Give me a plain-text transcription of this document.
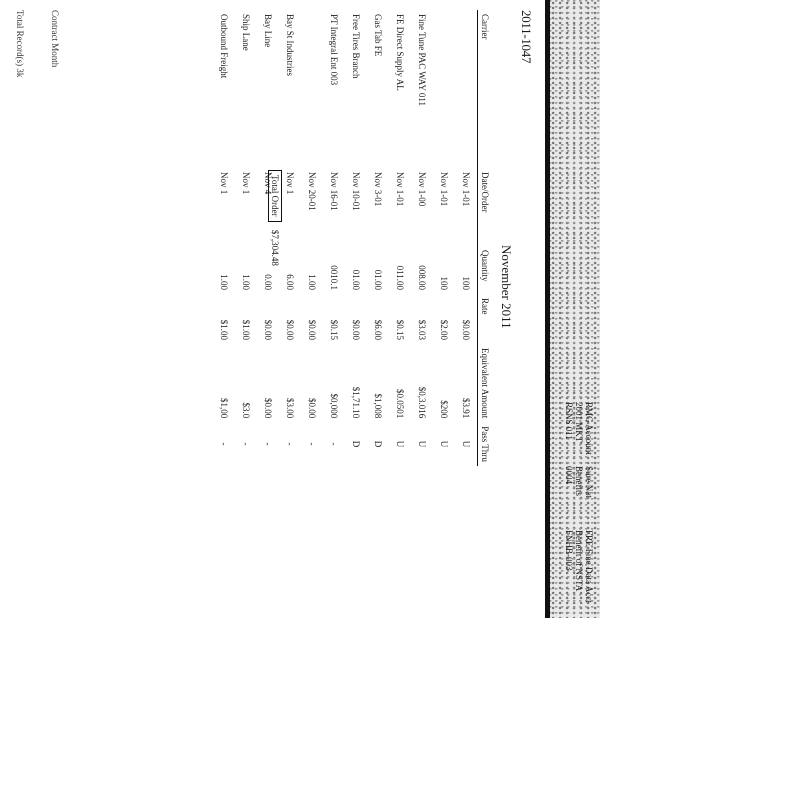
FRE Fine Data Acct
Benefit of NSTA
FNHB-003
Sure Nat
Benefits
0004
RMG Account
2001 MKT
RSNS 011
2011-1047
November 2011
Carrier	Date/Order	Quantity	Rate	Equivalent Amount	Pass Thru
	Nov 1-01	100	$0.00	$3.91	U
	Nov 1-01	100	$2.00	$200	U
Fine Tune PAC WAY 011	Nov 1-00	008.00	$3.03	$0,3.016	U
FE Direct Supply AL	Nov 1-01	011.00	$0.15	$0.0501	U
Gas Tab FE	Nov 3-01	01.00	$6.00	$1,008	D
Free Tires Branch	Nov 10-01	01.00	$0.00	$1,71.10	D
PT Integral Ent 003	Nov 16-01	0010.1	$0.15	$0,000	-
	Nov 20-01	1.00	$0.00	$0.00	-
Bay St Industries	Nov 1	6.00	$0.00	$3.00	-
Bay Line	Nov 4	0.00	$0.00	$0.00	-
Ship Lane	Nov 1	1.00	$1.00	$3.0	-
Outbound Freight	Nov 1	1.00	$1.00	$1,00	-
Total Order $7,304.48
Contract Month
Total Record(s) 3k
